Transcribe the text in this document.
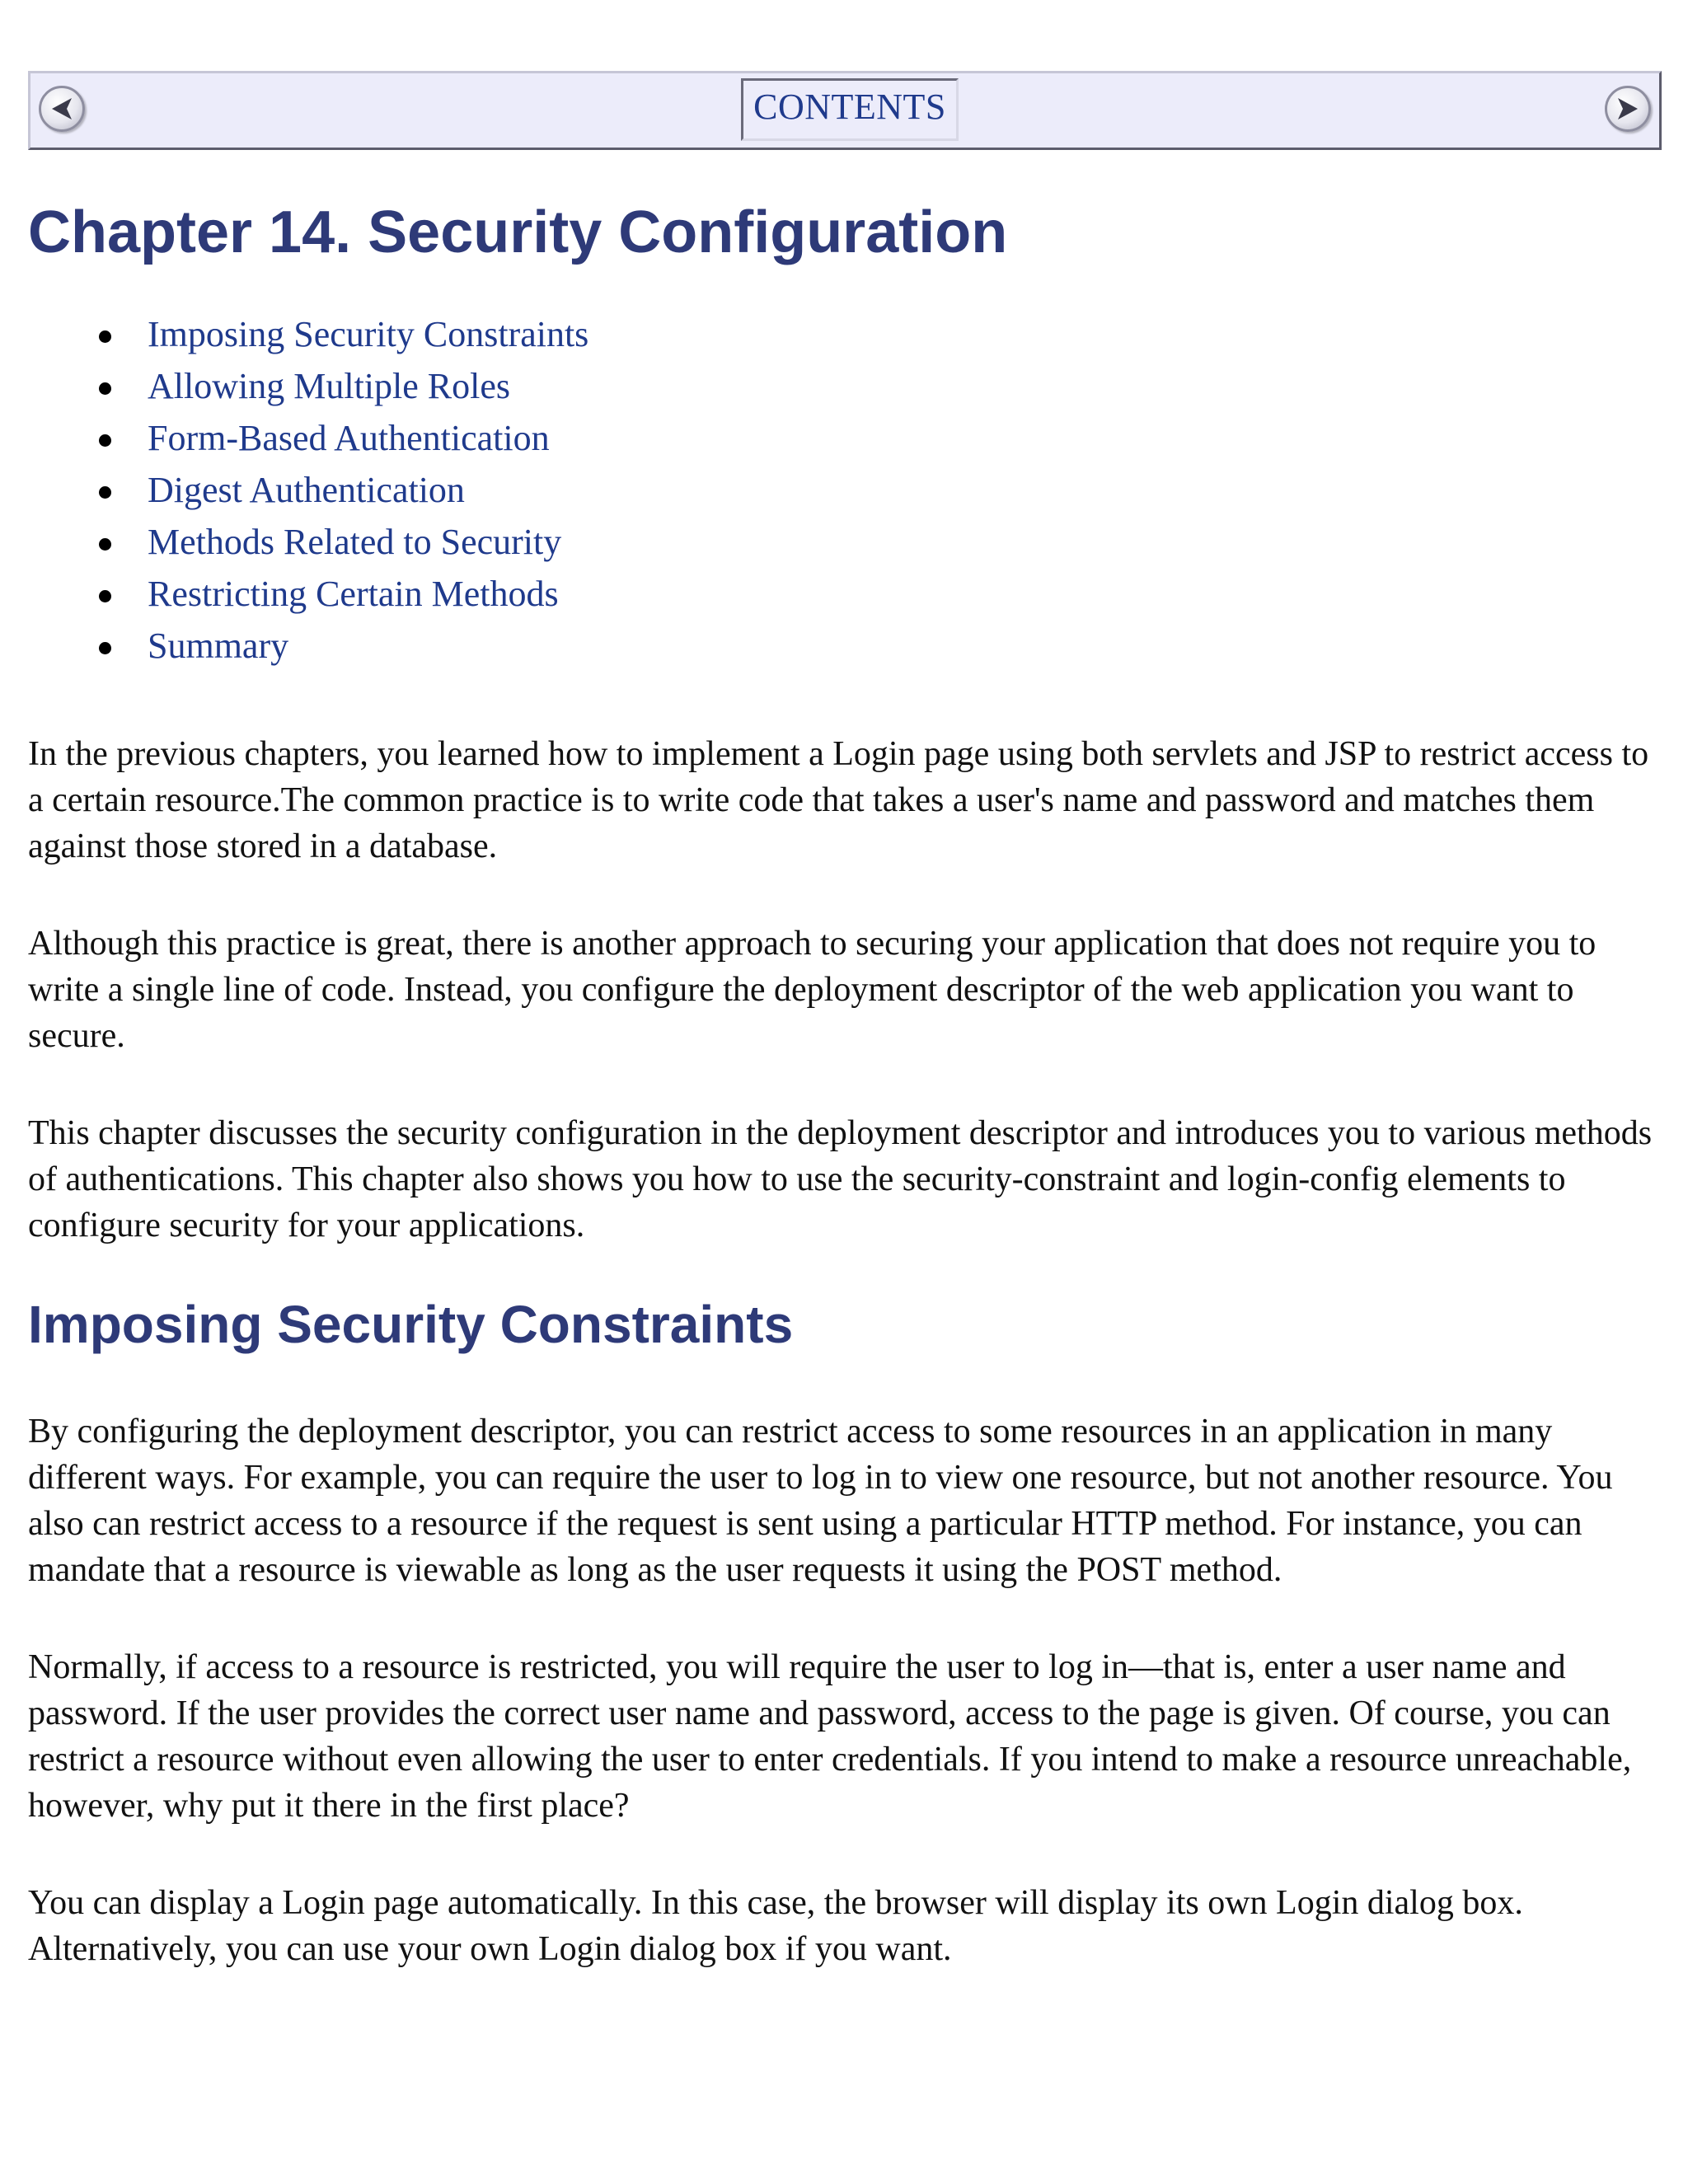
CONTENTS
Chapter 14. Security Configuration
Imposing Security Constraints
Allowing Multiple Roles
Form-Based Authentication
Digest Authentication
Methods Related to Security
Restricting Certain Methods
Summary

In the previous chapters, you learned how to implement a Login page using both servlets and JSP to restrict access to a certain resource.The common practice is to write code that takes a user's name and password and matches them against those stored in a database.

Although this practice is great, there is another approach to securing your application that does not require you to write a single line of code. Instead, you configure the deployment descriptor of the web application you want to secure.

This chapter discusses the security configuration in the deployment descriptor and introduces you to various methods of authentications. This chapter also shows you how to use the security-constraint and login-config elements to configure security for your applications.

Imposing Security Constraints

By configuring the deployment descriptor, you can restrict access to some resources in an application in many different ways. For example, you can require the user to log in to view one resource, but not another resource. You also can restrict access to a resource if the request is sent using a particular HTTP method. For instance, you can mandate that a resource is viewable as long as the user requests it using the POST method.

Normally, if access to a resource is restricted, you will require the user to log in—that is, enter a user name and password. If the user provides the correct user name and password, access to the page is given. Of course, you can restrict a resource without even allowing the user to enter credentials. If you intend to make a resource unreachable, however, why put it there in the first place?

You can display a Login page automatically. In this case, the browser will display its own Login dialog box. Alternatively, you can use your own Login dialog box if you want.
